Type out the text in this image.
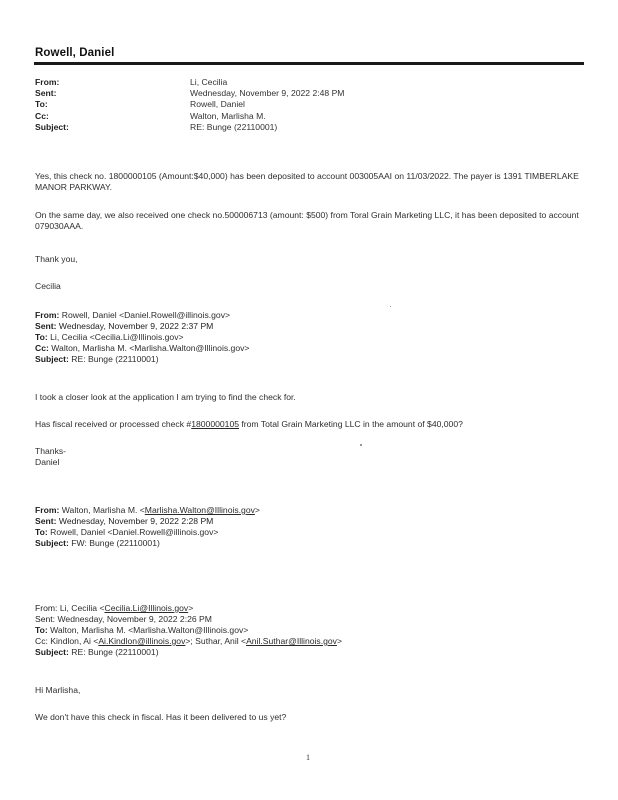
Rowell, Daniel
From:	Li, Cecilia
Sent:	Wednesday, November 9, 2022 2:48 PM
To:	Rowell, Daniel
Cc:	Walton, Marlisha M.
Subject:	RE: Bunge (22110001)

Yes, this check no. 1800000105 (Amount:$40,000) has been deposited to account 003005AAI on 11/03/2022. The payer is 1391 TIMBERLAKE MANOR PARKWAY.

On the same day, we also received one check no.500006713 (amount: $500) from Toral Grain Marketing LLC, it has been deposited to account 079030AAA.

Thank you,

Cecilia

From: Rowell, Daniel <Daniel.Rowell@illinois.gov>

Sent: Wednesday, November 9, 2022 2:37 PM

To: Li, Cecilia <Cecilia.Li@Illinois.gov>

Cc: Walton, Marlisha M. <Marlisha.Walton@Illinois.gov>

Subject: RE: Bunge (22110001)

I took a closer look at the application I am trying to find the check for.

Has fiscal received or processed check #1800000105 from Total Grain Marketing LLC in the amount of $40,000?

Thanks-

Daniel

From: Walton, Marlisha M. <Marlisha.Walton@Illinois.gov>

Sent: Wednesday, November 9, 2022 2:28 PM

To: Rowell, Daniel <Daniel.Rowell@illinois.gov>

Subject: FW: Bunge (22110001)

From: Li, Cecilia <Cecilia.Li@Illinois.gov>

Sent: Wednesday, November 9, 2022 2:26 PM

To: Walton, Marlisha M. <Marlisha.Walton@Illinois.gov>

Cc: Kindlon, Ai <Ai.Kindlon@illinois.gov>; Suthar, Anil <Anil.Suthar@Illinois.gov>

Subject: RE: Bunge (22110001)

Hi Marlisha,

We don't have this check in fiscal. Has it been delivered to us yet?

1
